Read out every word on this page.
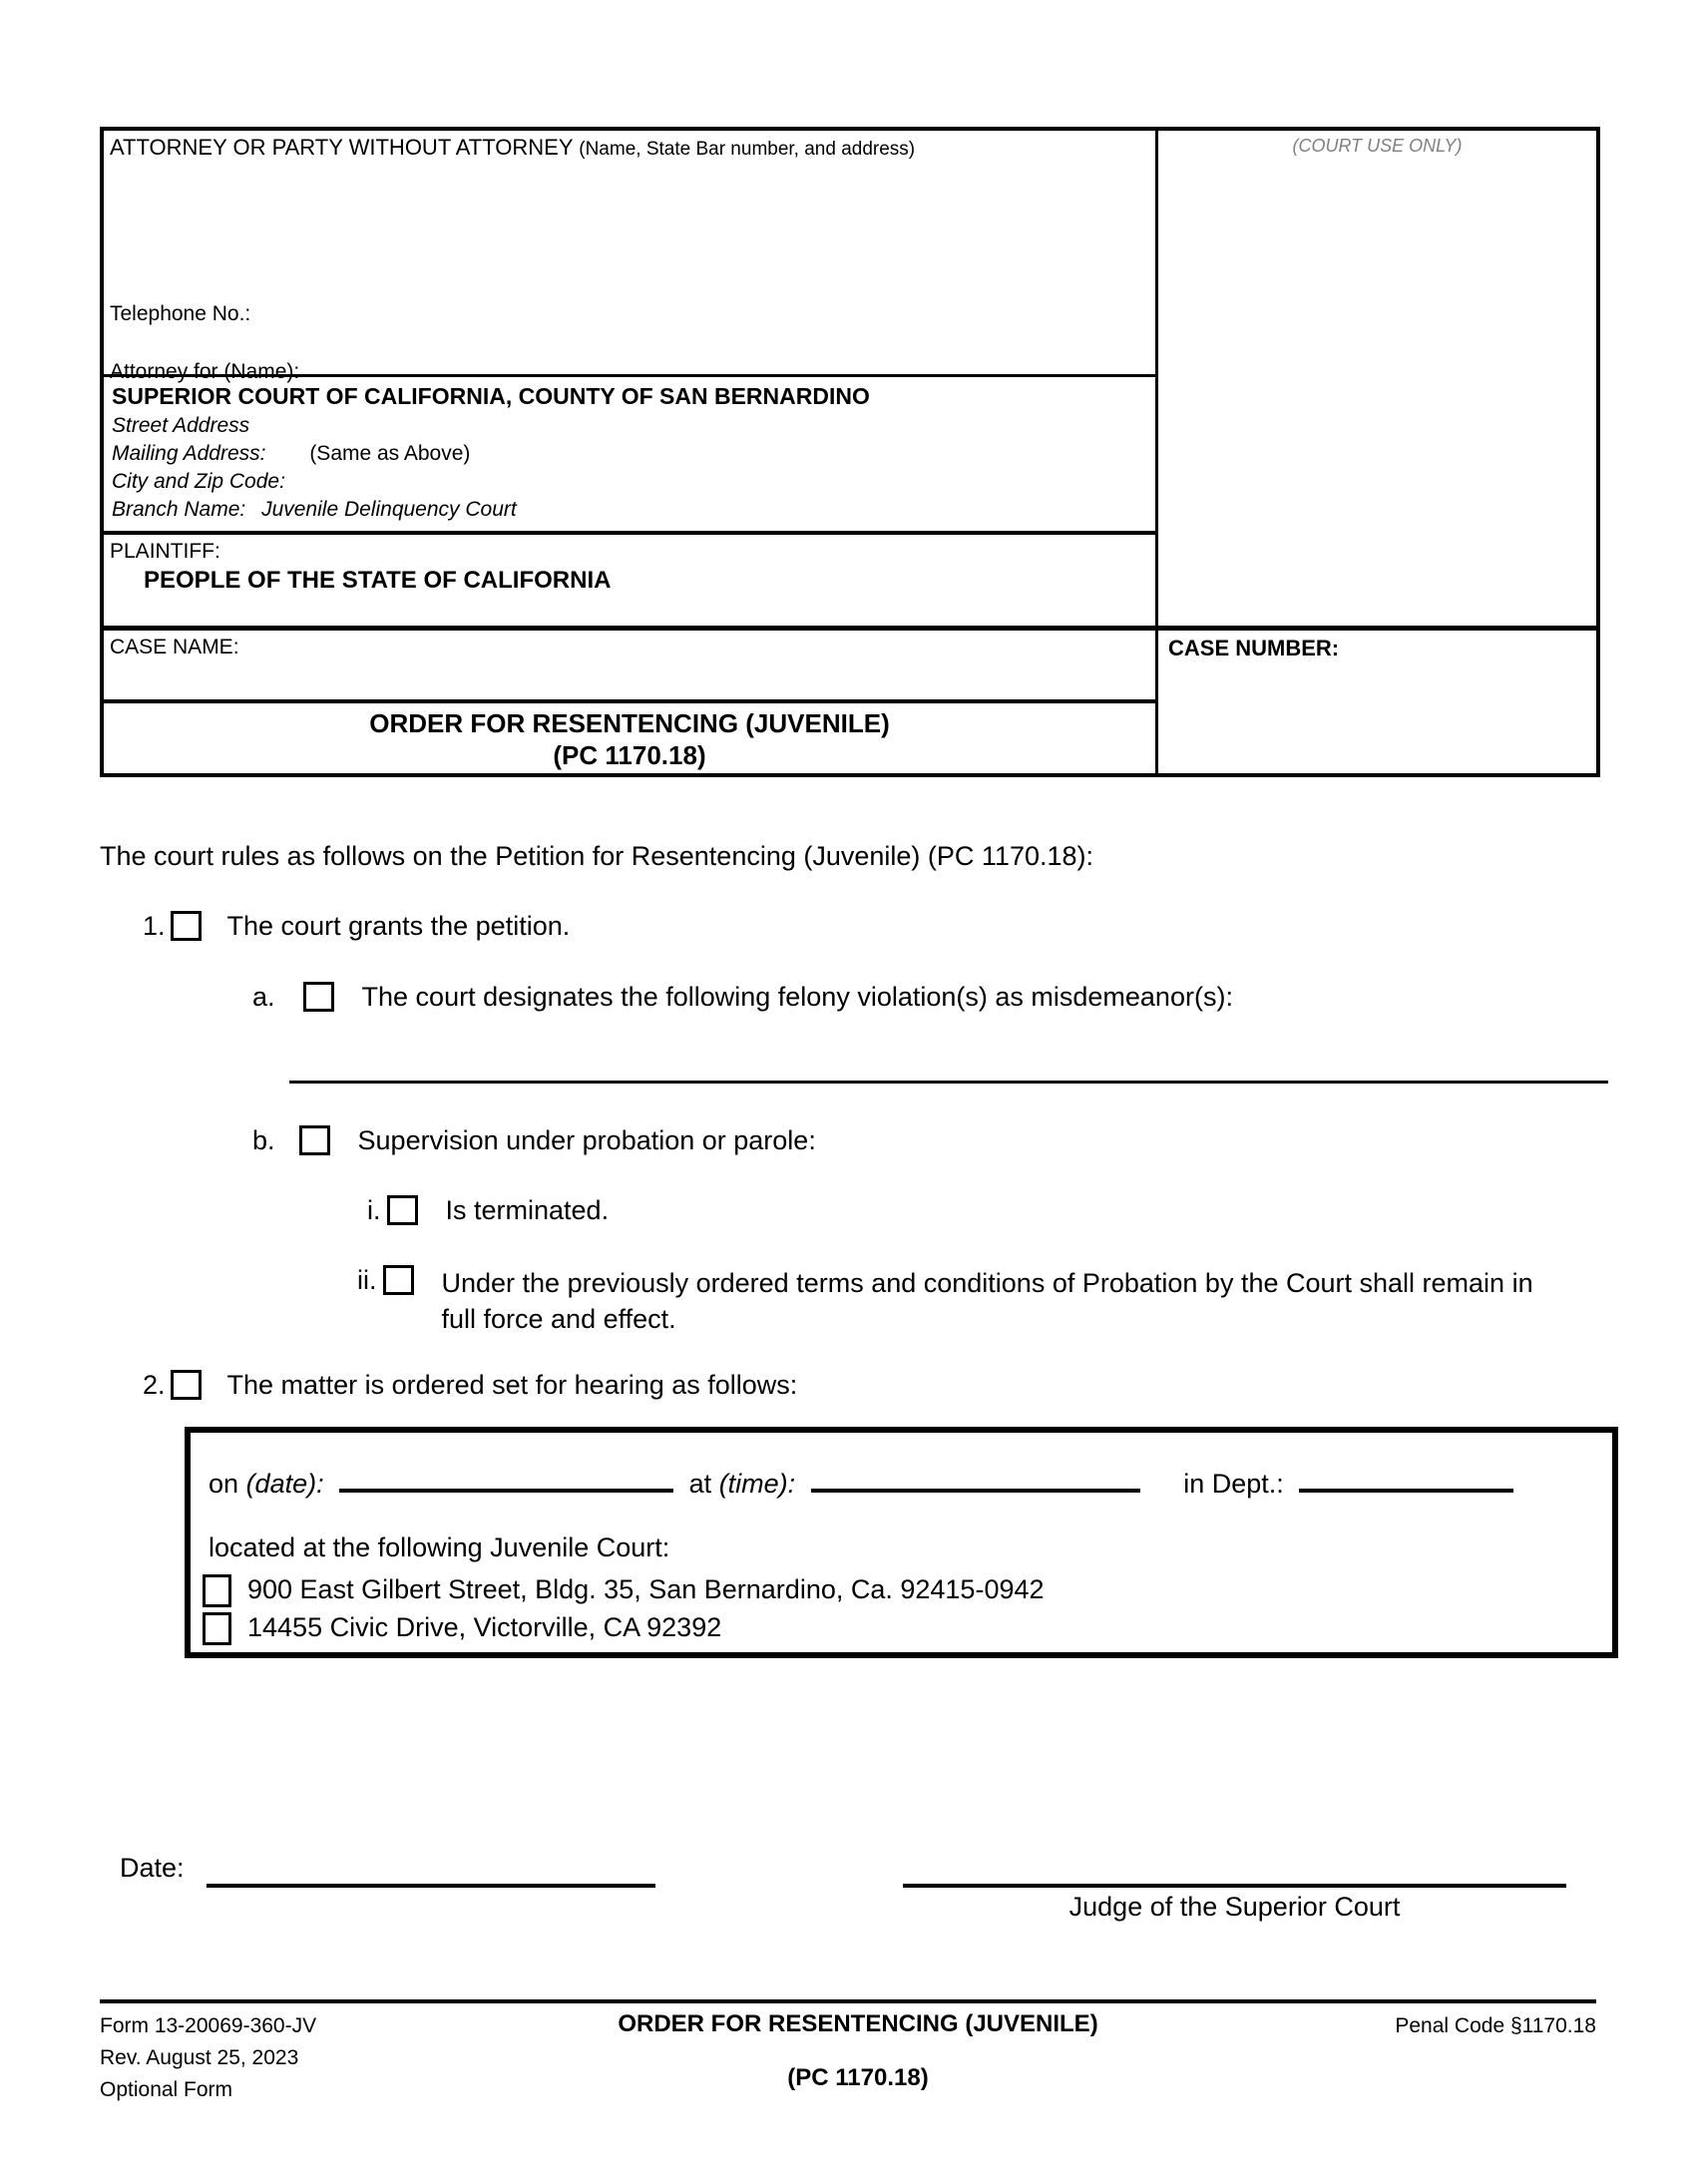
ATTORNEY OR PARTY WITHOUT ATTORNEY (Name, State Bar number, and address)
Telephone No.:
Attorney for (Name):
SUPERIOR COURT OF CALIFORNIA, COUNTY OF SAN BERNARDINO
Street Address
Mailing Address: (Same as Above)
City and Zip Code:
Branch Name: Juvenile Delinquency Court
PLAINTIFF:
PEOPLE OF THE STATE OF CALIFORNIA
CASE NAME:
ORDER FOR RESENTENCING (JUVENILE)
(PC 1170.18)
(COURT USE ONLY)
CASE NUMBER:
The court rules as follows on the Petition for Resentencing (Juvenile) (PC 1170.18):
1. The court grants the petition.
a.	The court designates the following felony violation(s) as misdemeanor(s):
b.	Supervision under probation or parole:
i. Is terminated.
ii. Under the previously ordered terms and conditions of Probation by the Court shall remain in full force and effect.
2. The matter is ordered set for hearing as follows:
on (date):	at (time):	in Dept.:
located at the following Juvenile Court:
900 East Gilbert Street, Bldg. 35, San Bernardino, Ca. 92415-0942
14455 Civic Drive, Victorville, CA 92392
Date:
Judge of the Superior Court
Form 13-20069-360-JV
Rev. August 25, 2023
Optional Form
ORDER FOR RESENTENCING (JUVENILE)
(PC 1170.18)
Penal Code §1170.18
